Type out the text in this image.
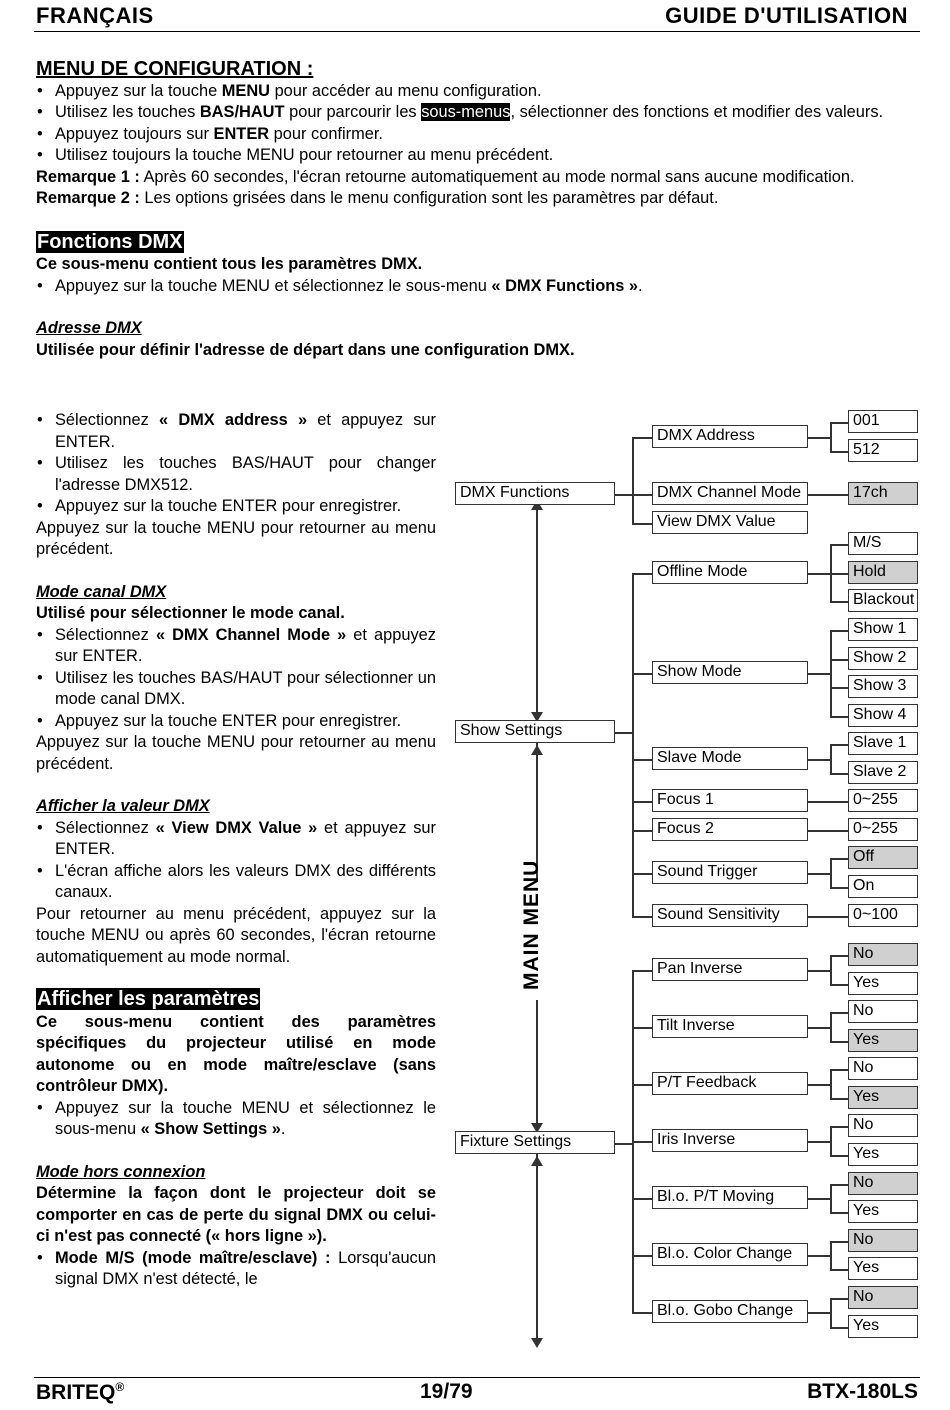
FRANÇAIS	GUIDE D'UTILISATION

MENU DE CONFIGURATION :

• Appuyez sur la touche MENU pour accéder au menu configuration.
• Utilisez les touches BAS/HAUT pour parcourir les sous-menus, sélectionner des fonctions et modifier des valeurs.
• Appuyez toujours sur ENTER pour confirmer.
• Utilisez toujours la touche MENU pour retourner au menu précédent.

Remarque 1 : Après 60 secondes, l'écran retourne automatiquement au mode normal sans aucune modification.

Remarque 2 : Les options grisées dans le menu configuration sont les paramètres par défaut.

Fonctions DMX

Ce sous-menu contient tous les paramètres DMX.

• Appuyez sur la touche MENU et sélectionnez le sous-menu « DMX Functions ».

Adresse DMX

Utilisée pour définir l'adresse de départ dans une configuration DMX.

• Sélectionnez « DMX address » et appuyez sur ENTER.
• Utilisez les touches BAS/HAUT pour changer l'adresse DMX512.
• Appuyez sur la touche ENTER pour enregistrer.

Appuyez sur la touche MENU pour retourner au menu précédent.

Mode canal DMX

Utilisé pour sélectionner le mode canal.

• Sélectionnez « DMX Channel Mode » et appuyez sur ENTER.
• Utilisez les touches BAS/HAUT pour sélectionner un mode canal DMX.
• Appuyez sur la touche ENTER pour enregistrer.

Appuyez sur la touche MENU pour retourner au menu précédent.

Afficher la valeur DMX

• Sélectionnez « View DMX Value » et appuyez sur ENTER.
• L'écran affiche alors les valeurs DMX des différents canaux.

Pour retourner au menu précédent, appuyez sur la touche MENU ou après 60 secondes, l'écran retourne automatiquement au mode normal.

Afficher les paramètres

Ce sous-menu contient des paramètres spécifiques du projecteur utilisé en mode autonome ou en mode maître/esclave (sans contrôleur DMX).

• Appuyez sur la touche MENU et sélectionnez le sous-menu « Show Settings ».

Mode hors connexion

Détermine la façon dont le projecteur doit se comporter en cas de perte du signal DMX ou celui-ci n'est pas connecté (« hors ligne »).

• Mode M/S (mode maître/esclave) : Lorsqu'aucun signal DMX n'est détecté, le
DMX Functions
Show Settings
Fixture Settings
DMX Address
DMX Channel Mode
View DMX Value
Offline Mode
Show Mode
Slave Mode
Focus 1
Focus 2
Sound Trigger
Sound Sensitivity
Pan Inverse
Tilt Inverse
P/T Feedback
Iris Inverse
Bl.o. P/T Moving
Bl.o. Color Change
Bl.o. Gobo Change
001
512
17ch
M/S
Hold
Blackout
Show 1
Show 2
Show 3
Show 4
Slave 1
Slave 2
0~255
0~255
Off
On
0~100
No
Yes
No
Yes
No
Yes
No
Yes
No
Yes
No
Yes
No
Yes
MAIN MENU
BRITEQ®	19/79	BTX-180LS
